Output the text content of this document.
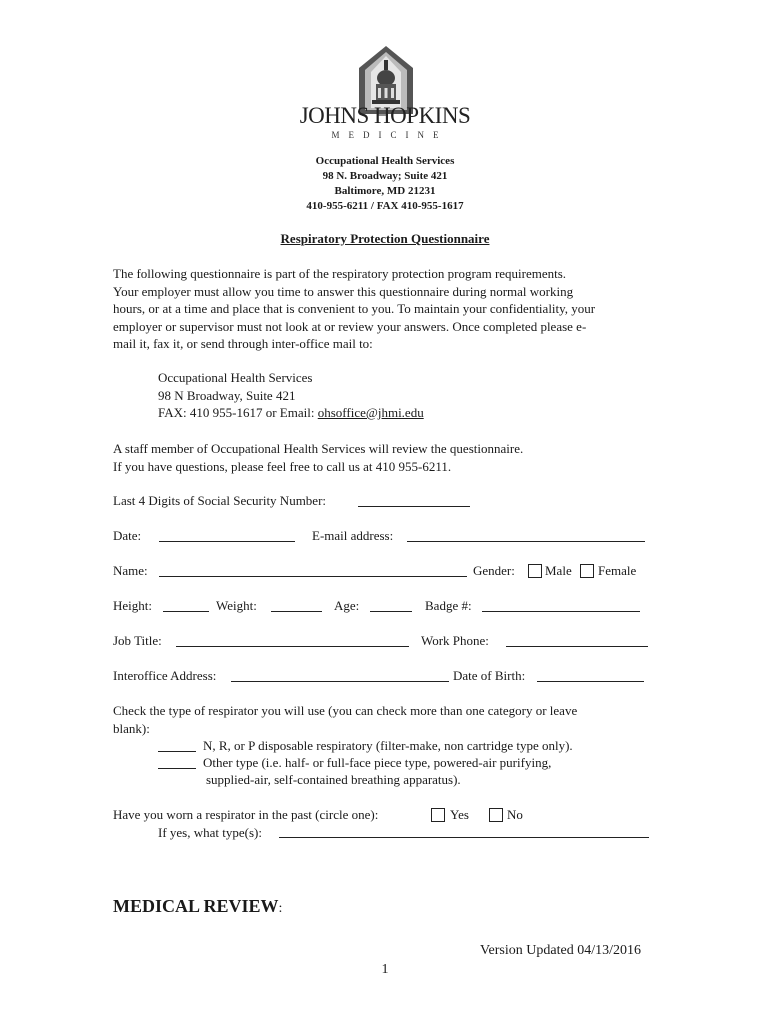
JOHNS HOPKINS
MEDICINE
Occupational Health Services
98 N. Broadway; Suite 421
Baltimore, MD 21231
410-955-6211 / FAX 410-955-1617
Respiratory Protection Questionnaire
The following questionnaire is part of the respiratory protection program requirements.
Your employer must allow you time to answer this questionnaire during normal working
hours, or at a time and place that is convenient to you. To maintain your confidentiality, your
employer or supervisor must not look at or review your answers. Once completed please e-
mail it, fax it, or send through inter-office mail to:
Occupational Health Services
98 N Broadway, Suite 421
FAX: 410 955-1617 or Email: ohsoffice@jhmi.edu
A staff member of Occupational Health Services will review the questionnaire.
If you have questions, please feel free to call us at 410 955-6211.
Last 4 Digits of Social Security Number:
Date:	E-mail address:
Name:	Gender: Male Female
Height:	Weight:	Age:	Badge #:
Job Title:	Work Phone:
Interoffice Address:	Date of Birth:
Check the type of respirator you will use (you can check more than one category or leave
blank):
N, R, or P disposable respiratory (filter-make, non cartridge type only).
Other type (i.e. half- or full-face piece type, powered-air purifying,
supplied-air, self-contained breathing apparatus).
Have you worn a respirator in the past (circle one):	Yes	No
If yes, what type(s):
MEDICAL REVIEW:
Version Updated 04/13/2016
1
